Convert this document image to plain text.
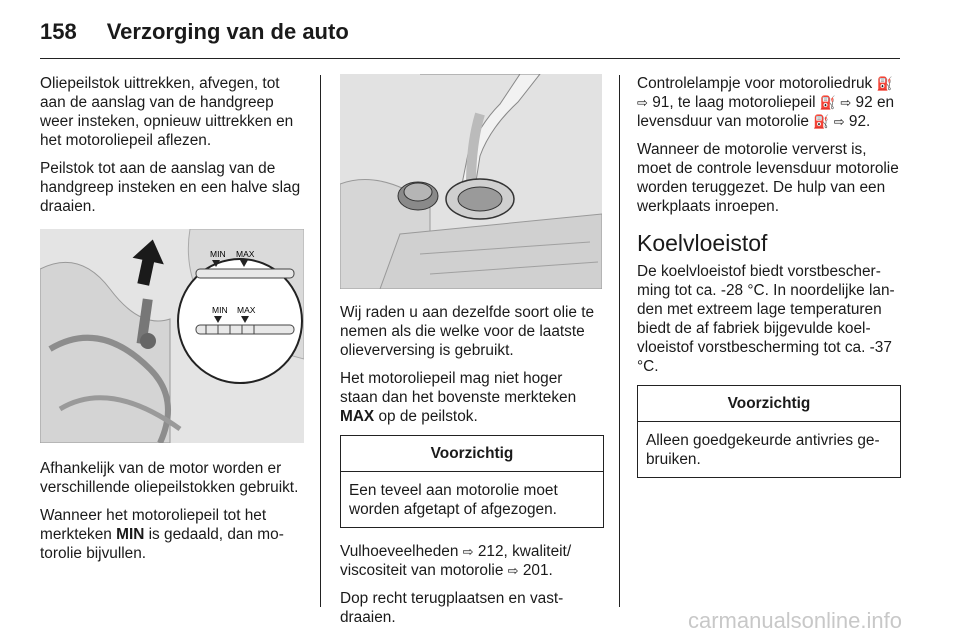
158 Verzorging van de auto

Oliepeilstok uittrekken, afvegen, tot aan de aanslag van de handgreep weer insteken, opnieuw uittrekken en het motoroliepeil aflezen.

Peilstok tot aan de aanslag van de handgreep insteken en een halve slag draaien.

MIN MAX
MIN MAX

Afhankelijk van de motor worden er verschillende oliepeilstokken gebruikt.

Wanneer het motoroliepeil tot het merkteken MIN is gedaald, dan motorolie bijvullen.

Wij raden u aan dezelfde soort olie te nemen als die welke voor de laatste olieverversing is gebruikt.

Het motoroliepeil mag niet hoger staan dan het bovenste merkteken MAX op de peilstok.

Voorzichtig
Een teveel aan motorolie moet worden afgetapt of afgezogen.

Vulhoeveelheden ⇨ 212, kwaliteit/ viscositeit van motorolie ⇨ 201.

Dop recht terugplaatsen en vastdraaien.

Controlelampje voor motoroliedruk ⛽ ⇨ 91, te laag motoroliepeil ⛽ ⇨ 92 en levensduur van motorolie ⛽ ⇨ 92.

Wanneer de motorolie ververst is, moet de controle levensduur motorolie worden teruggezet. De hulp van een werkplaats inroepen.

Koelvloeistof

De koelvloeistof biedt vorstbescherming tot ca. -28 °C. In noordelijke landen met extreem lage temperaturen biedt de af fabriek bijgevulde koelvloeistof vorstbescherming tot ca. -37 °C.

Voorzichtig
Alleen goedgekeurde antivries gebruiken.
carmanualsonline.info
